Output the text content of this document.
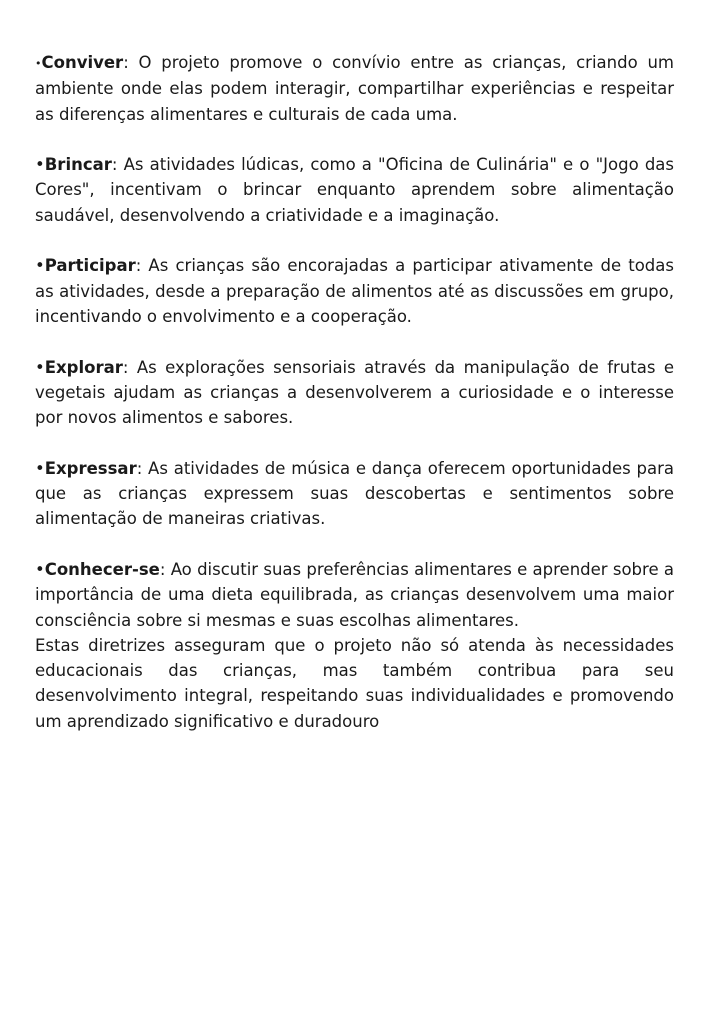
•Conviver: O projeto promove o convívio entre as crianças, criando um ambiente onde elas podem interagir, compartilhar experiências e respeitar as diferenças alimentares e culturais de cada uma.

•Brincar: As atividades lúdicas, como a "Oficina de Culinária" e o "Jogo das Cores", incentivam o brincar enquanto aprendem sobre alimentação saudável, desenvolvendo a criatividade e a imaginação.

•Participar: As crianças são encorajadas a participar ativamente de todas as atividades, desde a preparação de alimentos até as discussões em grupo, incentivando o envolvimento e a cooperação.

•Explorar: As explorações sensoriais através da manipulação de frutas e vegetais ajudam as crianças a desenvolverem a curiosidade e o interesse por novos alimentos e sabores.

•Expressar: As atividades de música e dança oferecem oportunidades para que as crianças expressem suas descobertas e sentimentos sobre alimentação de maneiras criativas.

•Conhecer-se: Ao discutir suas preferências alimentares e aprender sobre a importância de uma dieta equilibrada, as crianças desenvolvem uma maior consciência sobre si mesmas e suas escolhas alimentares.

Estas diretrizes asseguram que o projeto não só atenda às necessidades educacionais das crianças, mas também contribua para seu desenvolvimento integral, respeitando suas individualidades e promovendo um aprendizado significativo e duradouro
